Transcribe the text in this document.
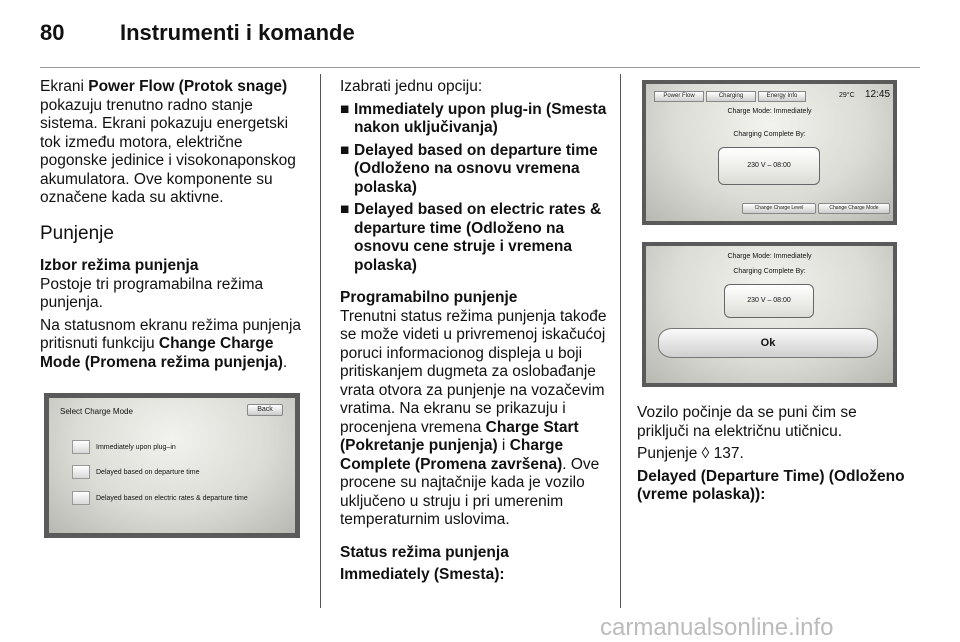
80	Instrumenti i komande

Ekrani Power Flow (Protok snage) pokazuju trenutno radno stanje sistema. Ekrani pokazuju energetski tok između motora, električne pogonske jedinice i visokonaponskog akumulatora. Ove komponente su označene kada su aktivne.

Punjenje
Izbor režima punjenja

Postoje tri programabilna režima punjenja.

Na statusnom ekranu režima punjenja pritisnuti funkciju Change Charge Mode (Promena režima punjenja).

Select Charge Mode	Back
Immediately upon plug–in
Delayed based on departure time
Delayed based on electric rates & departure time

Izabrati jednu opciju:

■ Immediately upon plug-in (Smesta nakon uključivanja)
■ Delayed based on departure time (Odloženo na osnovu vremena polaska)
■ Delayed based on electric rates & departure time (Odloženo na osnovu cene struje i vremena polaska)
Programabilno punjenje

Trenutni status režima punjenja takođe se može videti u privremenoj iskačućoj poruci informacionog displeja u boji pritiskanjem dugmeta za oslobađanje vrata otvora za punjenje na vozačevim vratima. Na ekranu se prikazuju i procenjena vremena Charge Start (Pokretanje punjenja) i Charge Complete (Promena završena). Ove procene su najtačnije kada je vozilo uključeno u struju i pri umerenim temperaturnim uslovima.

Status režima punjenja
Immediately (Smesta):
Power Flow	Charging	Energy Info	29°C 12:45
Charge Mode: Immediately
Charging Complete By:
230 V – 08:00
Change Charge Level	Change Charge Mode
Charge Mode: Immediately
Charging Complete By:
230 V – 08:00
Ok

Vozilo počinje da se puni čim se priključi na električnu utičnicu.

Punjenje ◊ 137.

Delayed (Departure Time) (Odloženo (vreme polaska)):
carmanualsonline.info
